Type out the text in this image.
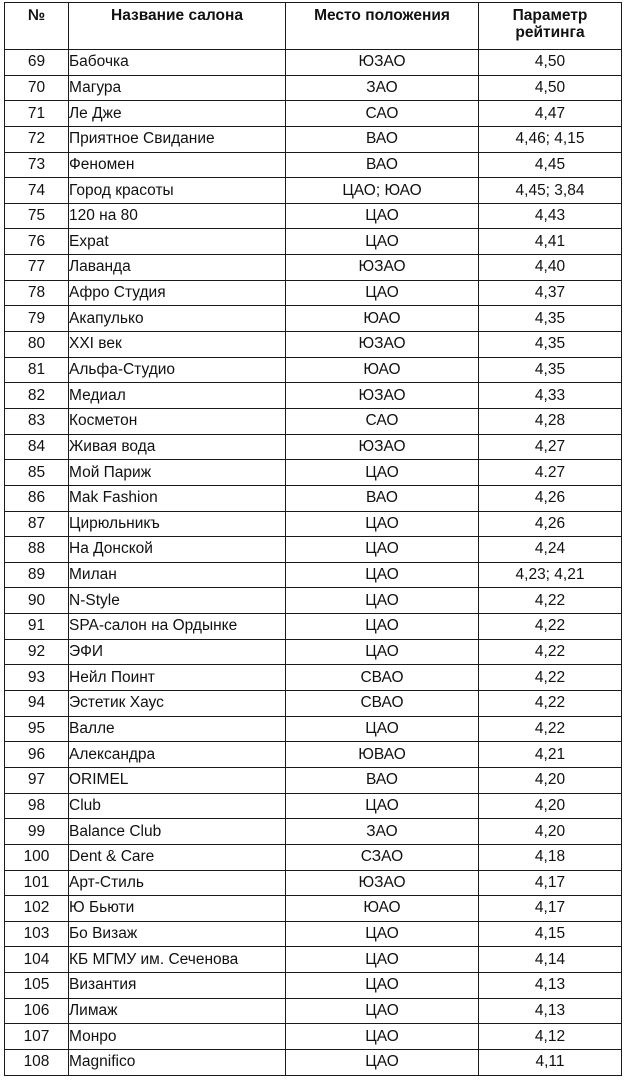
№	Название салона	Место положения	Параметр
рейтинга
69	Бабочка	ЮЗАО	4,50
70	Магура	ЗАО	4,50
71	Ле Дже	САО	4,47
72	Приятное Свидание	ВАО	4,46; 4,15
73	Феномен	ВАО	4,45
74	Город красоты	ЦАО; ЮАО	4,45; 3,84
75	120 на 80	ЦАО	4,43
76	Expat	ЦАО	4,41
77	Лаванда	ЮЗАО	4,40
78	Афро Студия	ЦАО	4,37
79	Акапулько	ЮАО	4,35
80	XXI век	ЮЗАО	4,35
81	Альфа-Студио	ЮАО	4,35
82	Медиал	ЮЗАО	4,33
83	Косметон	САО	4,28
84	Живая вода	ЮЗАО	4,27
85	Мой Париж	ЦАО	4.27
86	Mak Fashion	ВАО	4,26
87	Цирюльникъ	ЦАО	4,26
88	На Донской	ЦАО	4,24
89	Милан	ЦАО	4,23; 4,21
90	N-Style	ЦАО	4,22
91	SPA-салон на Ордынке	ЦАО	4,22
92	ЭФИ	ЦАО	4,22
93	Нейл Поинт	СВАО	4,22
94	Эстетик Хаус	СВАО	4,22
95	Валле	ЦАО	4,22
96	Александра	ЮВАО	4,21
97	ORIMEL	ВАО	4,20
98	Club	ЦАО	4,20
99	Balance Club	ЗАО	4,20
100	Dent & Care	СЗАО	4,18
101	Арт-Стиль	ЮЗАО	4,17
102	Ю Бьюти	ЮАО	4,17
103	Бо Визаж	ЦАО	4,15
104	КБ МГМУ им. Сеченова	ЦАО	4,14
105	Византия	ЦАО	4,13
106	Лимаж	ЦАО	4,13
107	Монро	ЦАО	4,12
108	Magnifico	ЦАО	4,11
